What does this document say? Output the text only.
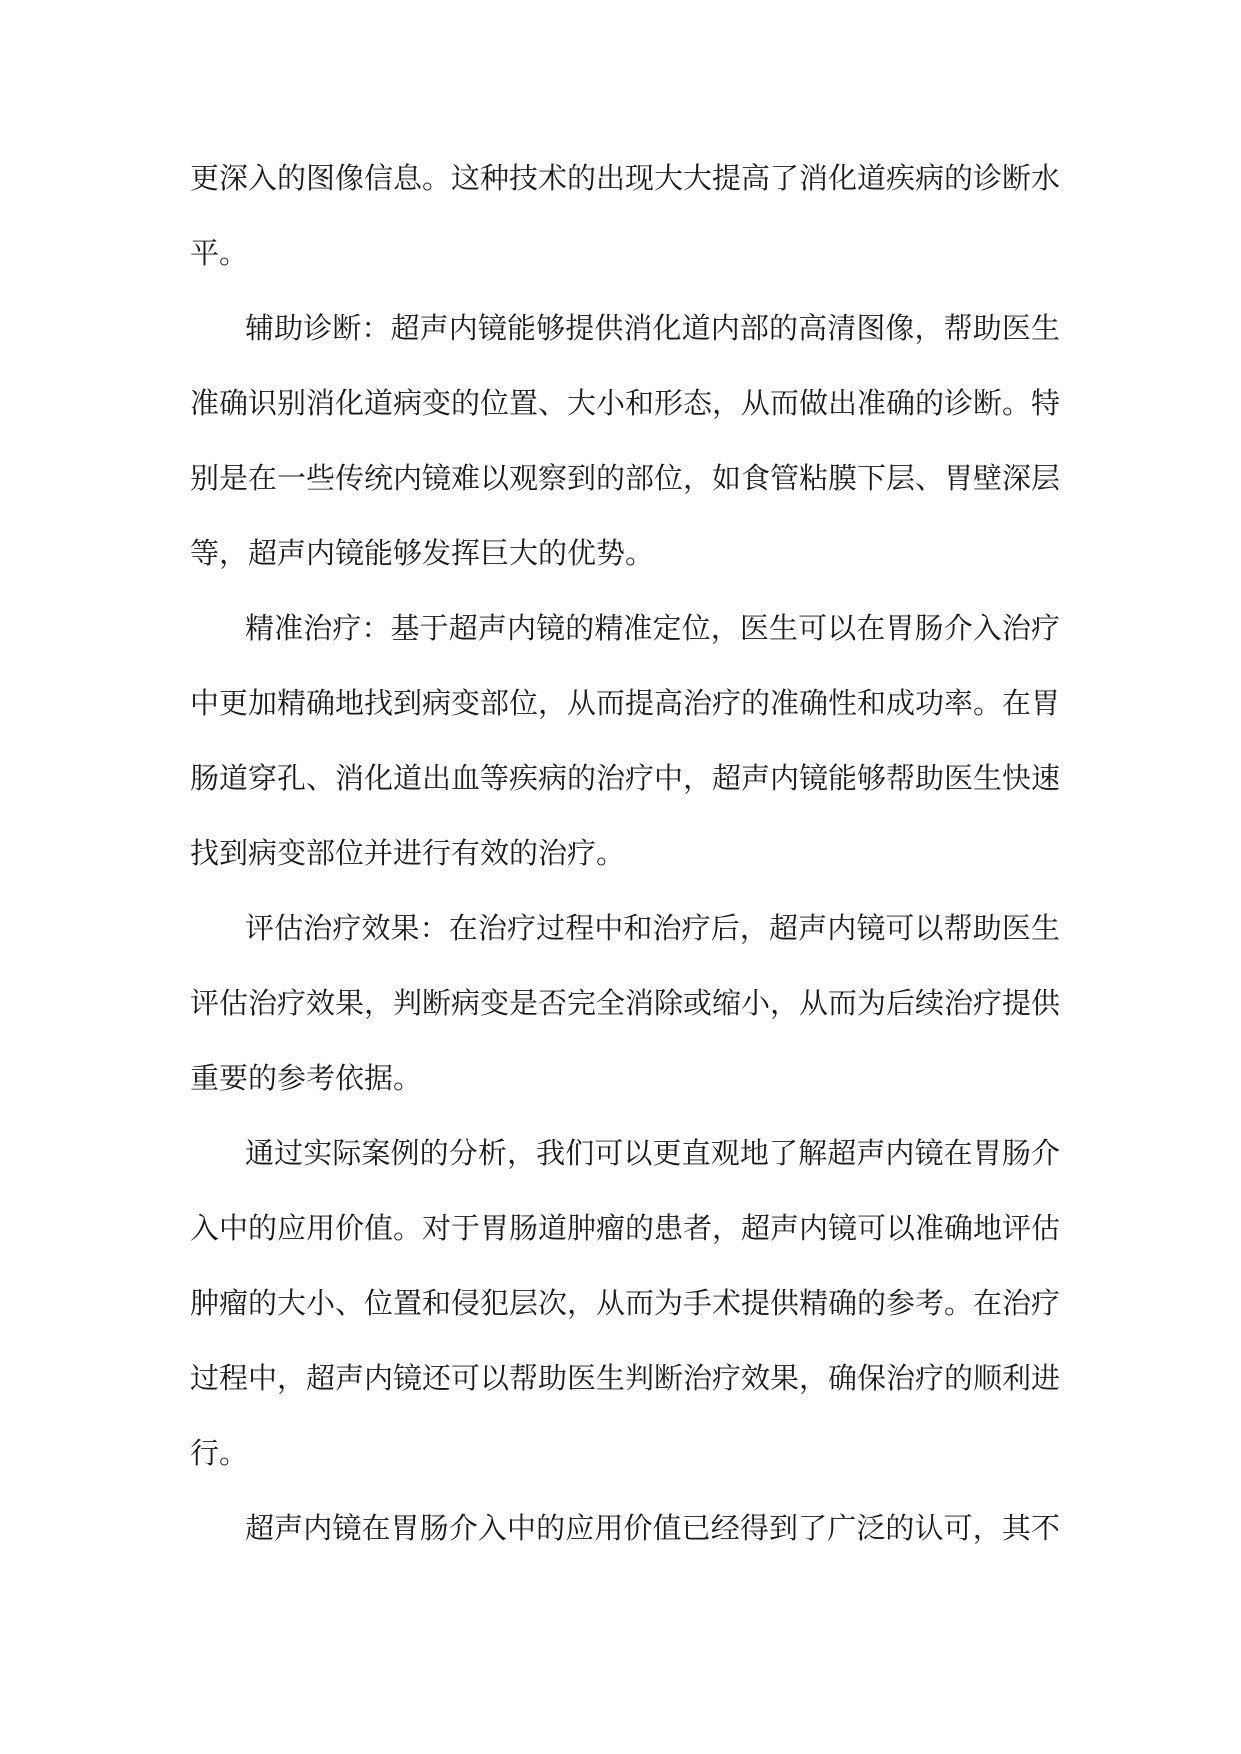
更深入的图像信息。这种技术的出现大大提高了消化道疾病的诊断水
平。
辅助诊断：超声内镜能够提供消化道内部的高清图像，帮助医生
准确识别消化道病变的位置、大小和形态，从而做出准确的诊断。特
别是在一些传统内镜难以观察到的部位，如食管粘膜下层、胃壁深层
等，超声内镜能够发挥巨大的优势。
精准治疗：基于超声内镜的精准定位，医生可以在胃肠介入治疗
中更加精确地找到病变部位，从而提高治疗的准确性和成功率。在胃
肠道穿孔、消化道出血等疾病的治疗中，超声内镜能够帮助医生快速
找到病变部位并进行有效的治疗。
评估治疗效果：在治疗过程中和治疗后，超声内镜可以帮助医生
评估治疗效果，判断病变是否完全消除或缩小，从而为后续治疗提供
重要的参考依据。
通过实际案例的分析，我们可以更直观地了解超声内镜在胃肠介
入中的应用价值。对于胃肠道肿瘤的患者，超声内镜可以准确地评估
肿瘤的大小、位置和侵犯层次，从而为手术提供精确的参考。在治疗
过程中，超声内镜还可以帮助医生判断治疗效果，确保治疗的顺利进
行。
超声内镜在胃肠介入中的应用价值已经得到了广泛的认可，其不
